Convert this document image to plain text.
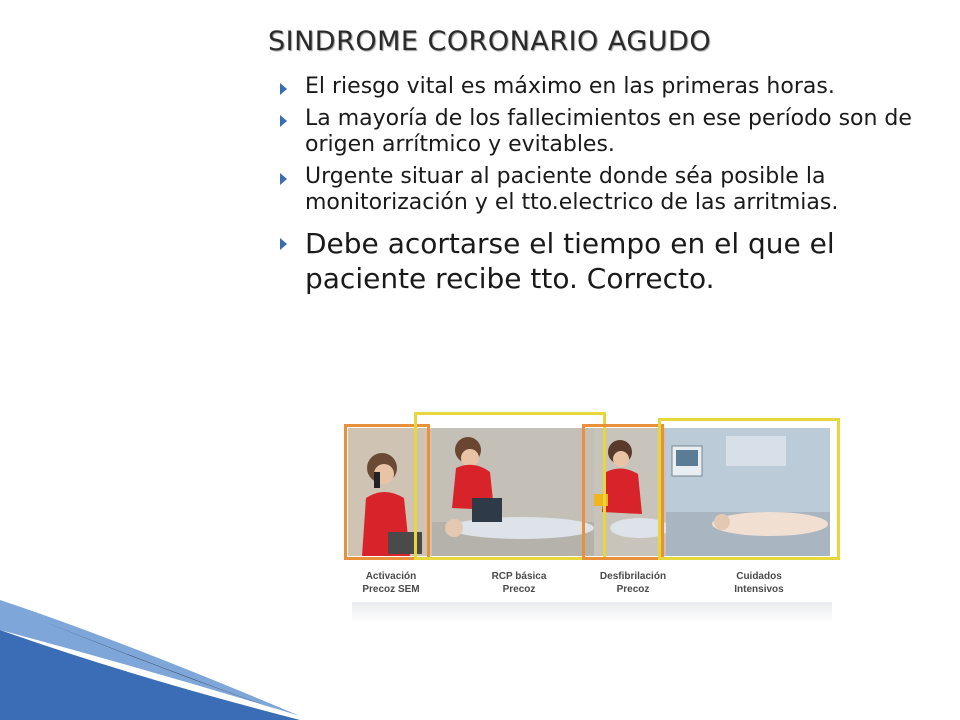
SINDROME CORONARIO AGUDO
El riesgo vital es máximo en las primeras horas.
La mayoría de los fallecimientos en ese período son de origen arrítmico y evitables.
Urgente situar al paciente donde séa posible la monitorización y el tto.electrico de las arritmias.
Debe acortarse el tiempo en el que el paciente recibe tto. Correcto.
Activación
Precoz SEM
RCP básica
Precoz
Desfibrilación
Precoz
Cuidados
Intensivos
